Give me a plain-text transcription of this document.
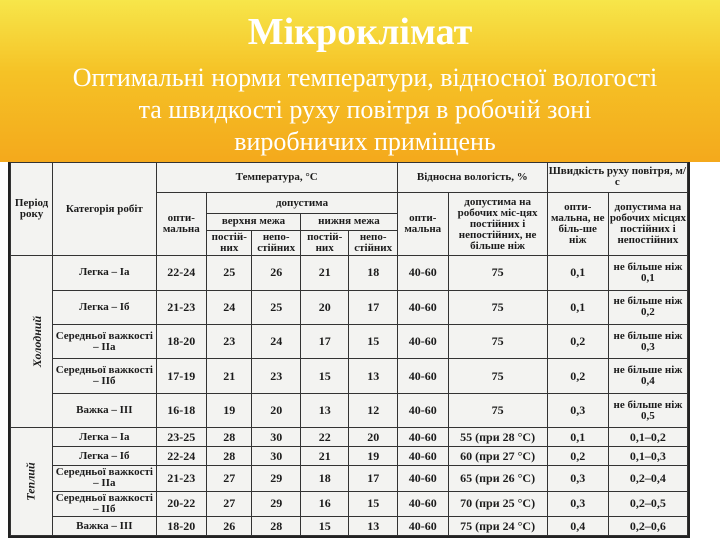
Мікроклімат
Оптимальні норми температури, відносної вологості
та швидкості руху повітря в робочій зоні
виробничих приміщень
Період року	Категорія робіт	Температура, °С					Відносна вологість, %		Швидкість руху повітря, м/с	
		опти-мальна	допустима				опти-мальна	допустима на робочих міс-цях постійних і непостійних, не більше ніж	опти-мальна, не біль-ше ніж	допустима на робочих місцях постійних і непостійних
			верхня межа		нижня межа					
			постій-них	непо-стійних	постій-них	непо-стійних				
Холодний	Легка – Іа	22-24	25	26	21	18	40-60	75	0,1	не більше ніж 0,1
	Легка – Іб	21-23	24	25	20	17	40-60	75	0,1	не більше ніж 0,2
	Середньої важкості – ІІа	18-20	23	24	17	15	40-60	75	0,2	не більше ніж 0,3
	Середньої важкості – ІІб	17-19	21	23	15	13	40-60	75	0,2	не більше ніж 0,4
	Важка – ІІІ	16-18	19	20	13	12	40-60	75	0,3	не більше ніж 0,5
Теплий	Легка – Іа	23-25	28	30	22	20	40-60	55 (при 28 °С)	0,1	0,1–0,2
	Легка – Іб	22-24	28	30	21	19	40-60	60 (при 27 °С)	0,2	0,1–0,3
	Середньої важкості – ІІа	21-23	27	29	18	17	40-60	65 (при 26 °С)	0,3	0,2–0,4
	Середньої важкості – ІІб	20-22	27	29	16	15	40-60	70 (при 25 °С)	0,3	0,2–0,5
	Важка – ІІІ	18-20	26	28	15	13	40-60	75 (при 24 °С)	0,4	0,2–0,6
